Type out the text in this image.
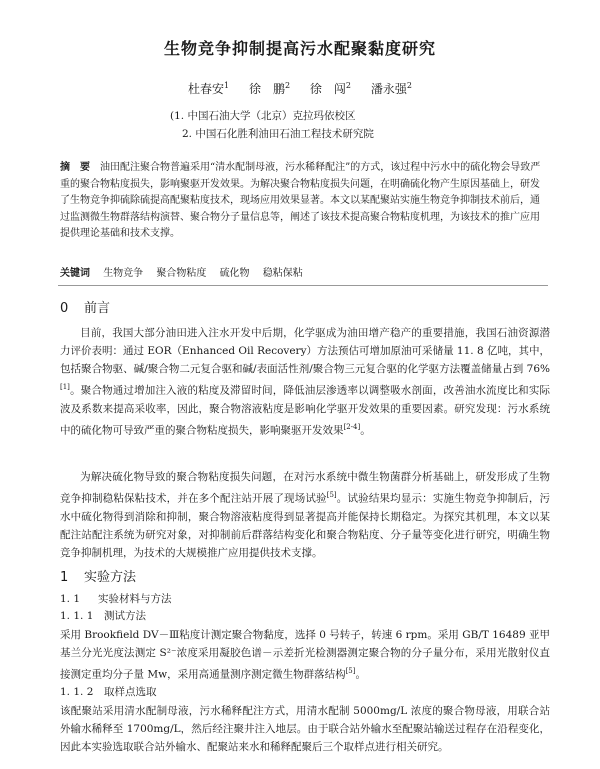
生物竞争抑制提高污水配聚黏度研究
杜春安$^1$ 徐　鹏$^2$ 徐　闯$^2$ 潘永强$^2$
(1. 中国石油大学（北京）克拉玛依校区
2. 中国石化胜利油田石油工程技术研究院
摘　要 油田配注聚合物普遍采用“清水配制母液，污水稀释配注”的方式，该过程中污水中的硫化物会导致严重的聚合物粘度损失，影响聚驱开发效果。为解决聚合物粘度损失问题，在明确硫化物产生原因基础上，研发了生物竞争抑硫除硫提高配聚粘度技术，现场应用效果显著。本文以某配聚站实施生物竞争抑制技术前后，通过监测微生物群落结构演替、聚合物分子量信息等，阐述了该技术提高聚合物粘度机理，为该技术的推广应用提供理论基础和技术支撑。
关键词 生物竞争 聚合物粘度 硫化物 稳粘保粘
0 前言
目前，我国大部分油田进入注水开发中后期，化学驱成为油田增产稳产的重要措施，我国石油资源潜力评价表明：通过 EOR（Enhanced Oil Recovery）方法预估可增加原油可采储量 11. 8 亿吨，其中，包括聚合物驱、碱/聚合物二元复合驱和碱/表面活性剂/聚合物三元复合驱的化学驱方法覆盖储量占到 76%[1]。聚合物通过增加注入液的粘度及滞留时间，降低油层渗透率以调整吸水剖面，改善油水流度比和实际波及系数来提高采收率，因此，聚合物溶液粘度是影响化学驱开发效果的重要因素。研究发现：污水系统中的硫化物可导致严重的聚合物粘度损失，影响聚驱开发效果[2-4]。
为解决硫化物导致的聚合物粘度损失问题，在对污水系统中微生物菌群分析基础上，研发形成了生物竞争抑制稳粘保粘技术，并在多个配注站开展了现场试验[5]。试验结果均显示：实施生物竞争抑制后，污水中硫化物得到消除和抑制，聚合物溶液粘度得到显著提高并能保持长期稳定。为探究其机理，本文以某配注站配注系统为研究对象，对抑制前后群落结构变化和聚合物粘度、分子量等变化进行研究，明确生物竞争抑制机理，为技术的大规模推广应用提供技术支撑。
1 实验方法
1. 1 实验材料与方法
1. 1. 1 测试方法
采用 Brookfield DV－Ⅲ粘度计测定聚合物黏度，选择 0 号转子，转速 6 rpm。采用 GB/T 16489 亚甲基兰分光光度法测定 S²⁻浓度采用凝胶色谱－示差折光检测器测定聚合物的分子量分布，采用光散射仪直接测定重均分子量 Mw，采用高通量测序测定微生物群落结构[5]。
1. 1. 2 取样点选取
该配聚站采用清水配制母液，污水稀释配注方式，用清水配制 5000mg/L 浓度的聚合物母液，用联合站外输水稀释至 1700mg/L，然后经注聚井注入地层。由于联合站外输水至配聚站输送过程存在沿程变化，因此本实验选取联合站外输水、配聚站来水和稀释配聚后三个取样点进行相关研究。
